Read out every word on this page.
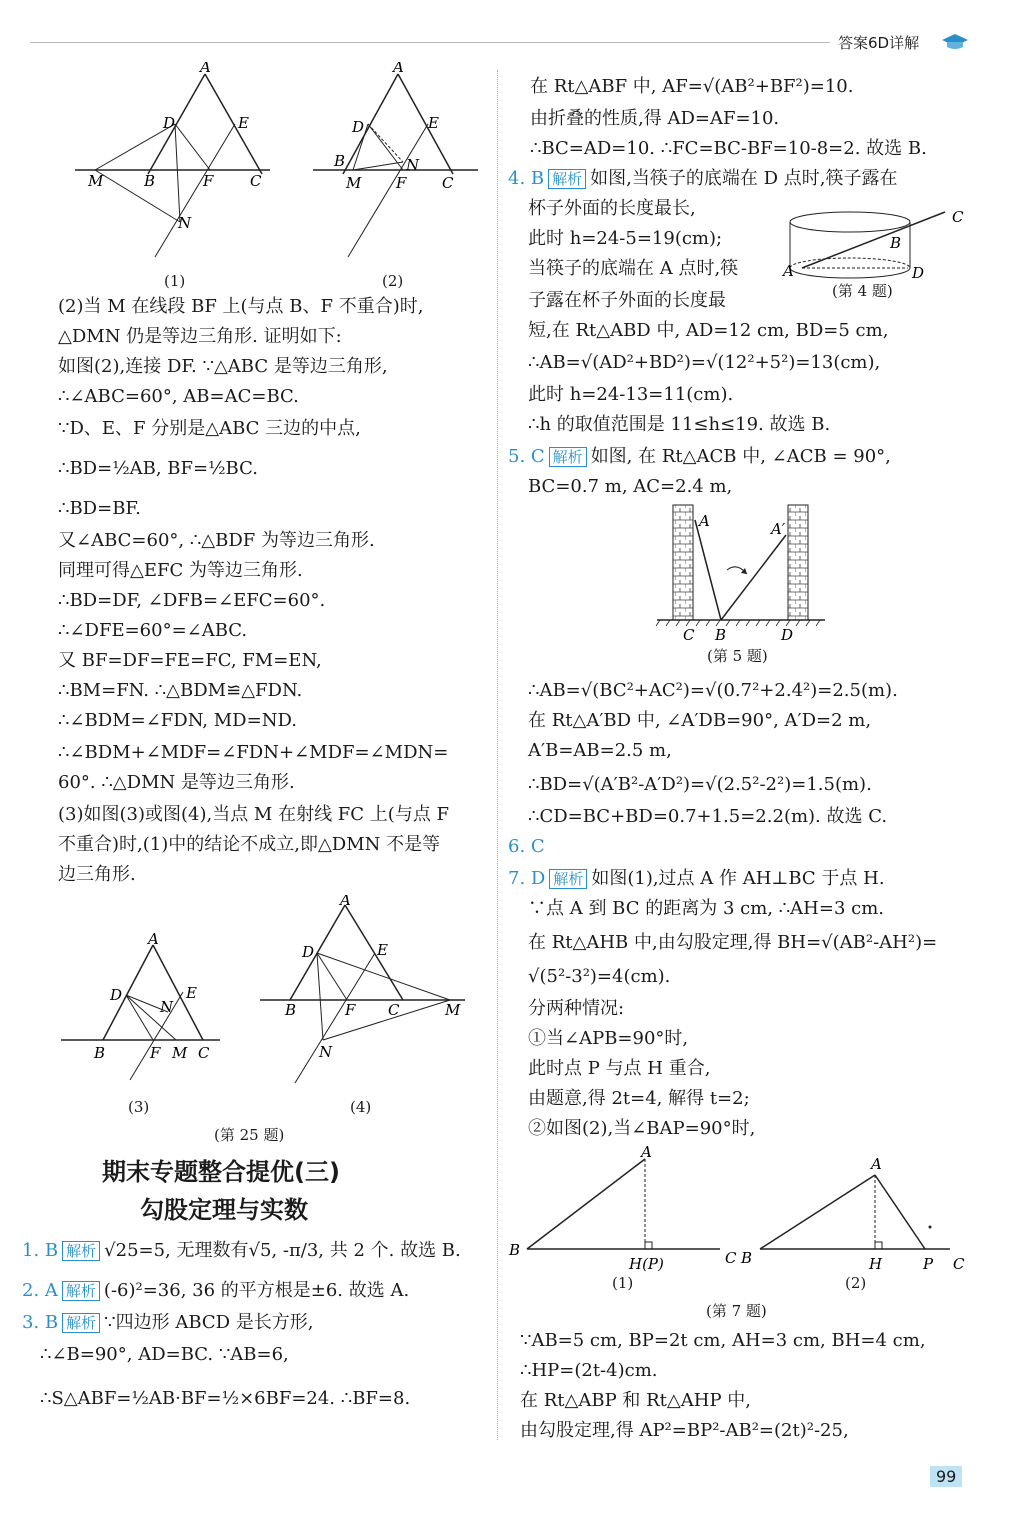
答案6D详解
A
D	E
M	B	F C
N
(1)
A
D	E
B
M
N
F C
(2)
(2)当 M 在线段 BF 上(与点 B、F 不重合)时,
△DMN 仍是等边三角形. 证明如下:
如图(2),连接 DF. ∵△ABC 是等边三角形,
∴∠ABC=60°, AB=AC=BC.
∵D、E、F 分别是△ABC 三边的中点,
∴BD=½AB, BF=½BC.
∴BD=BF.
又∠ABC=60°, ∴△BDF 为等边三角形.
同理可得△EFC 为等边三角形.
∴BD=DF, ∠DFB=∠EFC=60°.
∴∠DFE=60°=∠ABC.
又 BF=DF=FE=FC, FM=EN,
∴BM=FN. ∴△BDM≌△FDN.
∴∠BDM=∠FDN, MD=ND.
∴∠BDM+∠MDF=∠FDN+∠MDF=∠MDN=
60°. ∴△DMN 是等边三角形.
(3)如图(3)或图(4),当点 M 在射线 FC 上(与点 F
不重合)时,(1)中的结论不成立,即△DMN 不是等
边三角形.
A
D	E
N
B	F M C
(3)
A
D	E
B	F C	M
N
(4)
(第 25 题)
期末专题整合提优(三)
勾股定理与实数
1. B 解析 √25=5, 无理数有√5, -π/3, 共 2 个. 故选 B.
2. A 解析 (-6)²=36, 36 的平方根是±6. 故选 A.
3. B 解析 ∵四边形 ABCD 是长方形,
∴∠B=90°, AD=BC. ∵AB=6,
∴S△ABF=½AB·BF=½×6BF=24. ∴BF=8.
在 Rt△ABF 中, AF=√(AB²+BF²)=10.
由折叠的性质,得 AD=AF=10.
∴BC=AD=10. ∴FC=BC-BF=10-8=2. 故选 B.
4. B 解析 如图,当筷子的底端在 D 点时,筷子露在
杯子外面的长度最长,
此时 h=24-5=19(cm);
当筷子的底端在 A 点时,筷
子露在杯子外面的长度最
短,在 Rt△ABD 中, AD=12 cm, BD=5 cm,
∴AB=√(AD²+BD²)=√(12²+5²)=13(cm),
此时 h=24-13=11(cm).
∴h 的取值范围是 11≤h≤19. 故选 B.
A
B
C
D
(第 4 题)
5. C 解析 如图, 在 Rt△ACB 中, ∠ACB = 90°,
BC=0.7 m, AC=2.4 m,
A	A′
C B	D
(第 5 题)
∴AB=√(BC²+AC²)=√(0.7²+2.4²)=2.5(m).
在 Rt△A′BD 中, ∠A′DB=90°, A′D=2 m,
A′B=AB=2.5 m,
∴BD=√(A′B²-A′D²)=√(2.5²-2²)=1.5(m).
∴CD=BC+BD=0.7+1.5=2.2(m). 故选 C.
6. C
7. D 解析 如图(1),过点 A 作 AH⊥BC 于点 H.
∵点 A 到 BC 的距离为 3 cm, ∴AH=3 cm.
在 Rt△AHB 中,由勾股定理,得 BH=√(AB²-AH²)=
√(5²-3²)=4(cm).
分两种情况:
①当∠APB=90°时,
此时点 P 与点 H 重合,
由题意,得 2t=4, 解得 t=2;
②如图(2),当∠BAP=90°时,
B
A
H(P)	C B
A
H	P C
(1)	(2)
(第 7 题)
∵AB=5 cm, BP=2t cm, AH=3 cm, BH=4 cm,
∴HP=(2t-4)cm.
在 Rt△ABP 和 Rt△AHP 中,
由勾股定理,得 AP²=BP²-AB²=(2t)²-25,
99
